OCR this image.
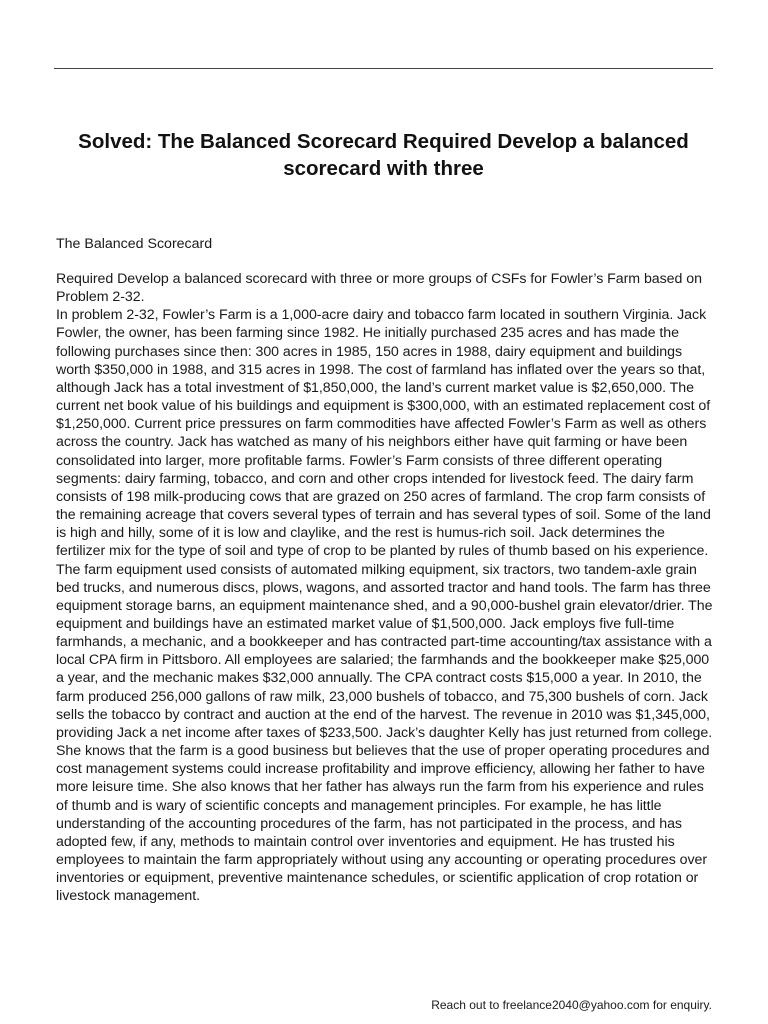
Solved: The Balanced Scorecard Required Develop a balanced scorecard with three
The Balanced Scorecard

Required Develop a balanced scorecard with three or more groups of CSFs for Fowler’s Farm based on Problem 2-32.
In problem 2-32, Fowler’s Farm is a 1,000-acre dairy and tobacco farm located in southern Virginia. Jack Fowler, the owner, has been farming since 1982. He initially purchased 235 acres and has made the following purchases since then: 300 acres in 1985, 150 acres in 1988, dairy equipment and buildings worth $350,000 in 1988, and 315 acres in 1998. The cost of farmland has inflated over the years so that, although Jack has a total investment of $1,850,000, the land’s current market value is $2,650,000. The current net book value of his buildings and equipment is $300,000, with an estimated replacement cost of $1,250,000. Current price pressures on farm commodities have affected Fowler’s Farm as well as others across the country. Jack has watched as many of his neighbors either have quit farming or have been consolidated into larger, more profitable farms. Fowler’s Farm consists of three different operating segments: dairy farming, tobacco, and corn and other crops intended for livestock feed. The dairy farm consists of 198 milk-producing cows that are grazed on 250 acres of farmland. The crop farm consists of the remaining acreage that covers several types of terrain and has several types of soil. Some of the land is high and hilly, some of it is low and claylike, and the rest is humus-rich soil. Jack determines the fertilizer mix for the type of soil and type of crop to be planted by rules of thumb based on his experience. The farm equipment used consists of automated milking equipment, six tractors, two tandem-axle grain bed trucks, and numerous discs, plows, wagons, and assorted tractor and hand tools. The farm has three equipment storage barns, an equipment maintenance shed, and a 90,000-bushel grain elevator/drier. The equipment and buildings have an estimated market value of $1,500,000. Jack employs five full-time farmhands, a mechanic, and a bookkeeper and has contracted part-time accounting/tax assistance with a local CPA firm in Pittsboro. All employees are salaried; the farmhands and the bookkeeper make $25,000 a year, and the mechanic makes $32,000 annually. The CPA contract costs $15,000 a year. In 2010, the farm produced 256,000 gallons of raw milk, 23,000 bushels of tobacco, and 75,300 bushels of corn. Jack sells the tobacco by contract and auction at the end of the harvest. The revenue in 2010 was $1,345,000, providing Jack a net income after taxes of $233,500. Jack’s daughter Kelly has just returned from college. She knows that the farm is a good business but believes that the use of proper operating procedures and cost management systems could increase profitability and improve efficiency, allowing her father to have more leisure time. She also knows that her father has always run the farm from his experience and rules of thumb and is wary of scientific concepts and management principles. For example, he has little understanding of the accounting procedures of the farm, has not participated in the process, and has adopted few, if any, methods to maintain control over inventories and equipment. He has trusted his employees to maintain the farm appropriately without using any accounting or operating procedures over inventories or equipment, preventive maintenance schedules, or scientific application of crop rotation or livestock management.

Reach out to freelance2040@yahoo.com for enquiry.
